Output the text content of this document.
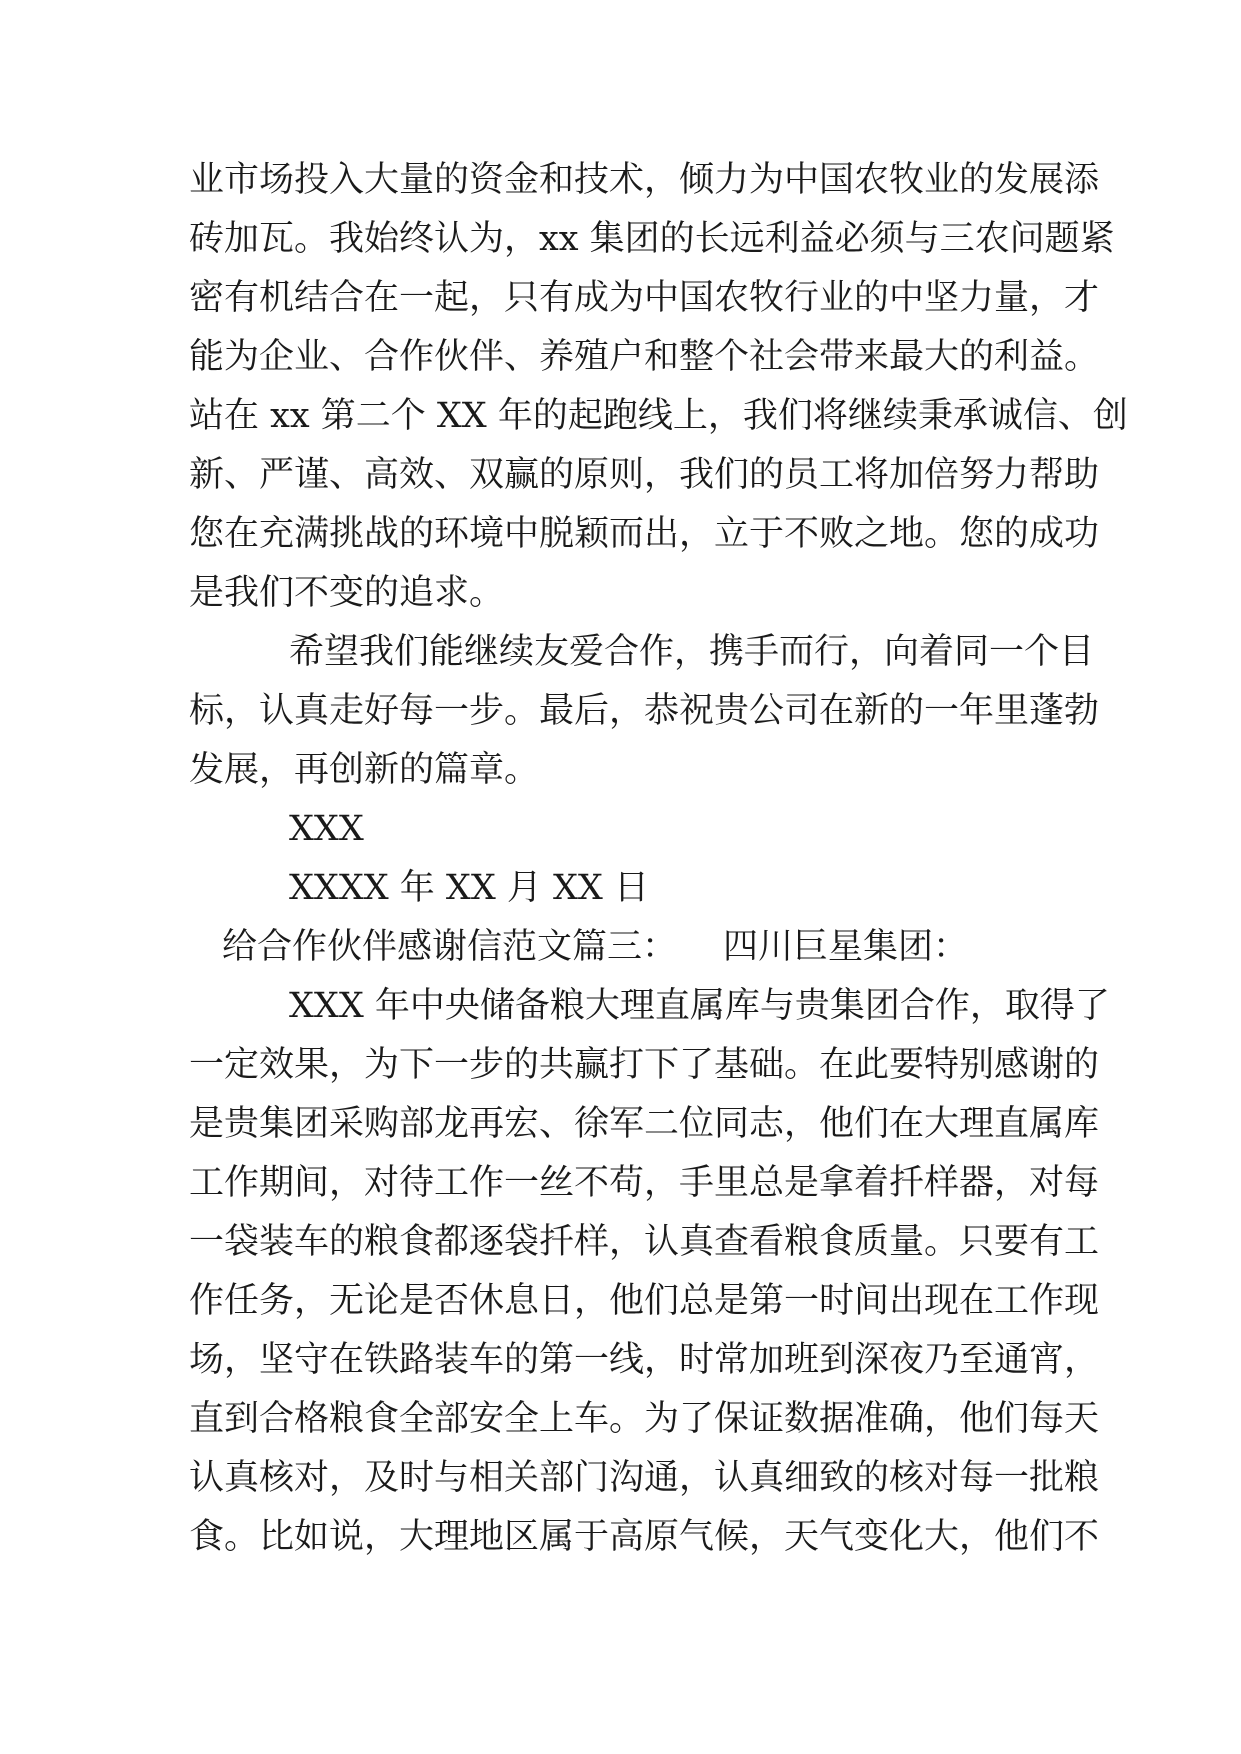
业市场投入大量的资金和技术，倾力为中国农牧业的发展添
砖加瓦。我始终认为，xx 集团的长远利益必须与三农问题紧
密有机结合在一起，只有成为中国农牧行业的中坚力量，才
能为企业、合作伙伴、养殖户和整个社会带来最大的利益。
站在 xx 第二个 XX 年的起跑线上，我们将继续秉承诚信、创
新、严谨、高效、双赢的原则，我们的员工将加倍努力帮助
您在充满挑战的环境中脱颖而出，立于不败之地。您的成功
是我们不变的追求。
希望我们能继续友爱合作，携手而行，向着同一个目
标，认真走好每一步。最后，恭祝贵公司在新的一年里蓬勃
发展，再创新的篇章。
XXX
XXXX 年 XX 月 XX 日
给合作伙伴感谢信范文篇三： 四川巨星集团：
XXX 年中央储备粮大理直属库与贵集团合作，取得了
一定效果，为下一步的共赢打下了基础。在此要特别感谢的
是贵集团采购部龙再宏、徐军二位同志，他们在大理直属库
工作期间，对待工作一丝不苟，手里总是拿着扦样器，对每
一袋装车的粮食都逐袋扦样，认真查看粮食质量。只要有工
作任务，无论是否休息日，他们总是第一时间出现在工作现
场，坚守在铁路装车的第一线，时常加班到深夜乃至通宵，
直到合格粮食全部安全上车。为了保证数据准确，他们每天
认真核对，及时与相关部门沟通，认真细致的核对每一批粮
食。比如说，大理地区属于高原气候，天气变化大，他们不
